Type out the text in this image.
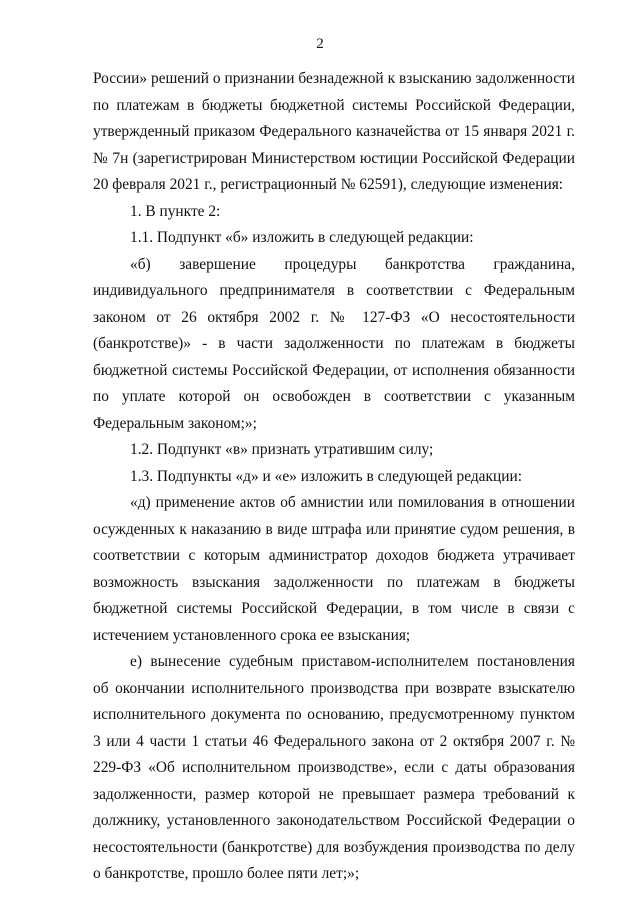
2

России» решений о признании безнадежной к взысканию задолженности по платежам в бюджеты бюджетной системы Российской Федерации, утвержденный приказом Федерального казначейства от 15 января 2021 г. № 7н (зарегистрирован Министерством юстиции Российской Федерации 20 февраля 2021 г., регистрационный № 62591), следующие изменения:

1. В пункте 2:

1.1. Подпункт «б» изложить в следующей редакции:

«б) завершение процедуры банкротства гражданина, индивидуального предпринимателя в соответствии с Федеральным законом от 26 октября 2002 г. № 127-ФЗ «О несостоятельности (банкротстве)» - в части задолженности по платежам в бюджеты бюджетной системы Российской Федерации, от исполнения обязанности по уплате которой он освобожден в соответствии с указанным Федеральным законом;»;

1.2. Подпункт «в» признать утратившим силу;

1.3. Подпункты «д» и «е» изложить в следующей редакции:

«д) применение актов об амнистии или помилования в отношении осужденных к наказанию в виде штрафа или принятие судом решения, в соответствии с которым администратор доходов бюджета утрачивает возможность взыскания задолженности по платежам в бюджеты бюджетной системы Российской Федерации, в том числе в связи с истечением установленного срока ее взыскания;

е) вынесение судебным приставом-исполнителем постановления об окончании исполнительного производства при возврате взыскателю исполнительного документа по основанию, предусмотренному пунктом 3 или 4 части 1 статьи 46 Федерального закона от 2 октября 2007 г. № 229-ФЗ «Об исполнительном производстве», если с даты образования задолженности, размер которой не превышает размера требований к должнику, установленного законодательством Российской Федерации о несостоятельности (банкротстве) для возбуждения производства по делу о банкротстве, прошло более пяти лет;»;
